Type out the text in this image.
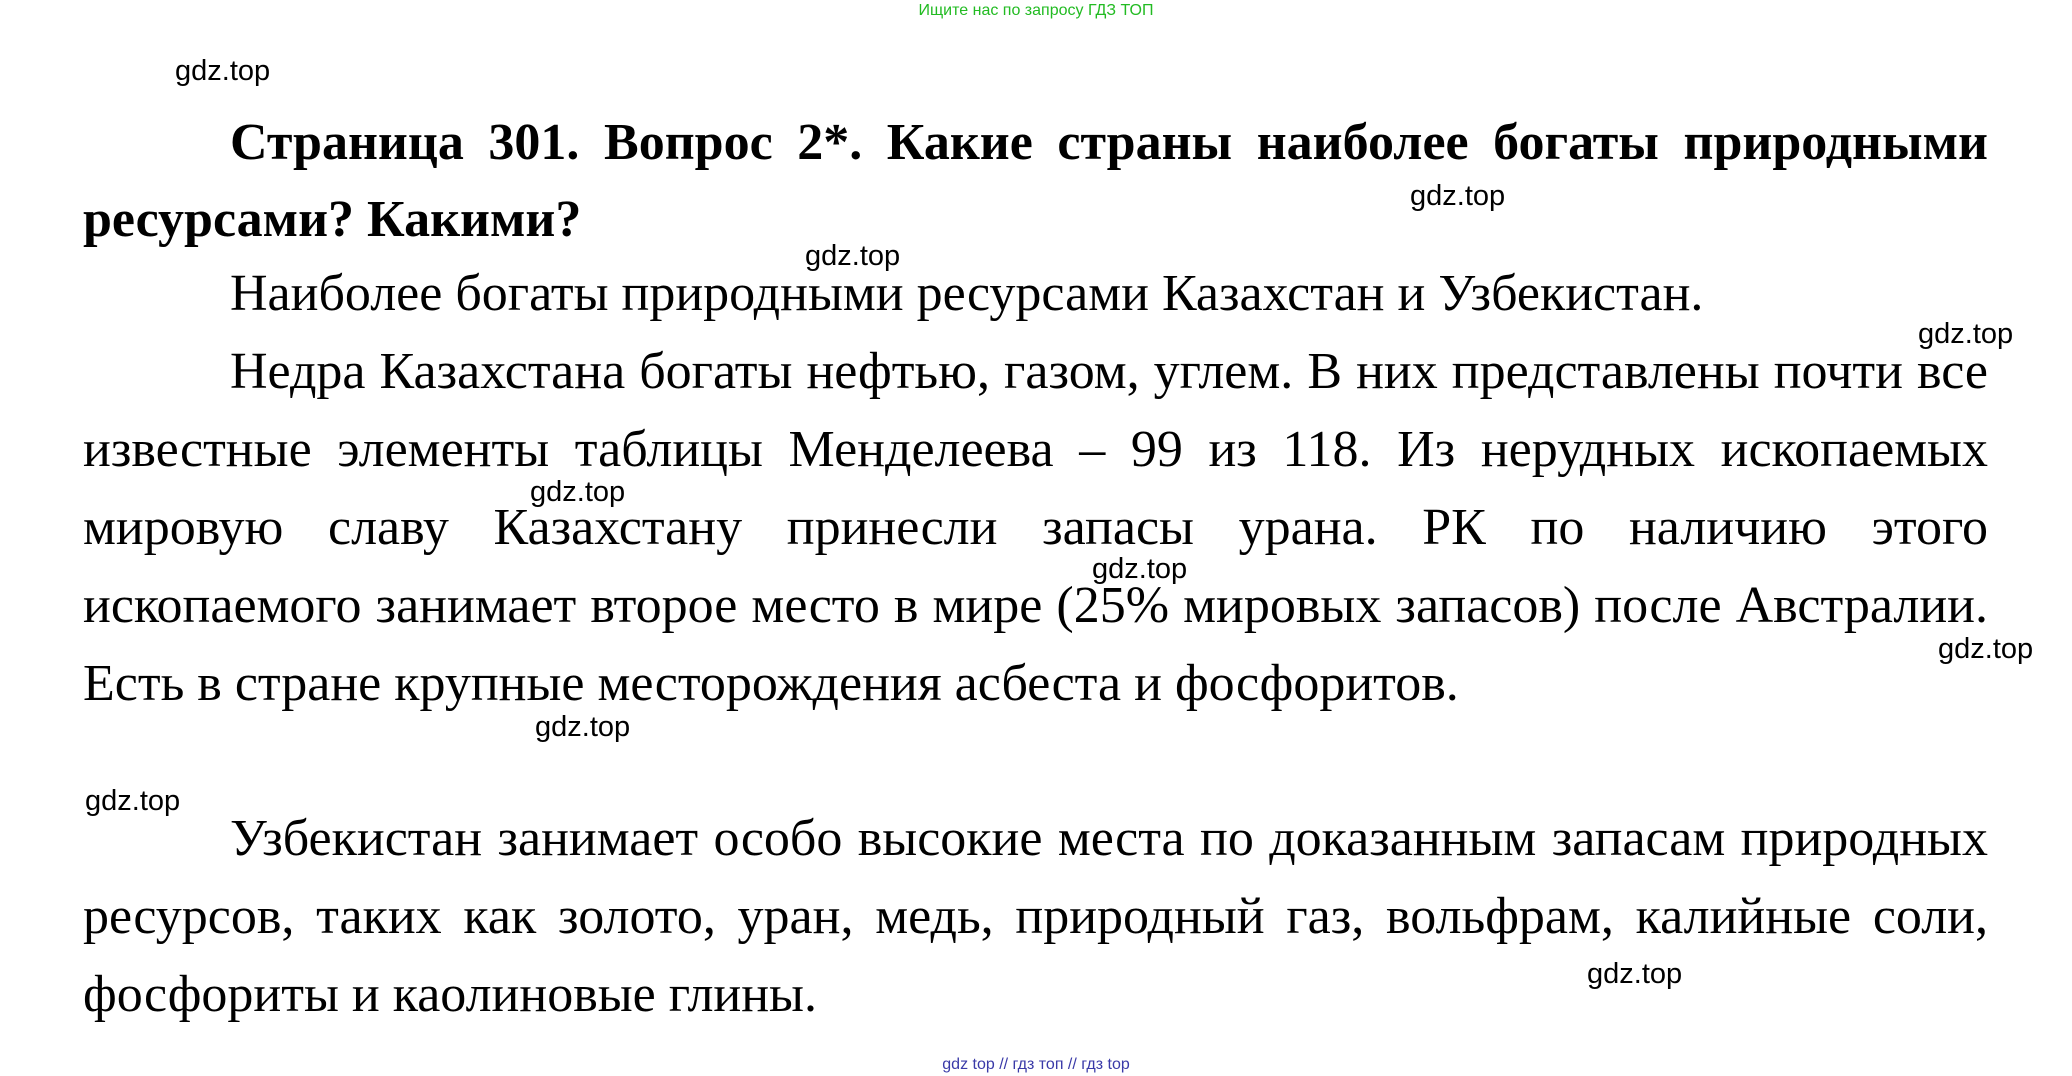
Ищите нас по запросу ГДЗ ТОП

Страница 301. Вопрос 2*. Какие страны наиболее богаты природными ресурсами? Какими?

Наиболее богаты природными ресурсами Казахстан и Узбекистан.

Недра Казахстана богаты нефтью, газом, углем. В них представлены почти все известные элементы таблицы Менделеева – 99 из 118. Из нерудных ископаемых мировую славу Казахстану принесли запасы урана. РК по наличию этого ископаемого занимает второе место в мире (25% мировых запасов) после Австралии. Есть в стране крупные месторождения асбеста и фосфоритов.

Узбекистан занимает особо высокие места по доказанным запасам природных ресурсов, таких как золото, уран, медь, природный газ, вольфрам, калийные соли, фосфориты и каолиновые глины.

gdz.top
gdz.top
gdz.top
gdz.top
gdz.top
gdz.top
gdz.top
gdz.top
gdz.top
gdz.top
gdz top // гдз топ // гдз top
